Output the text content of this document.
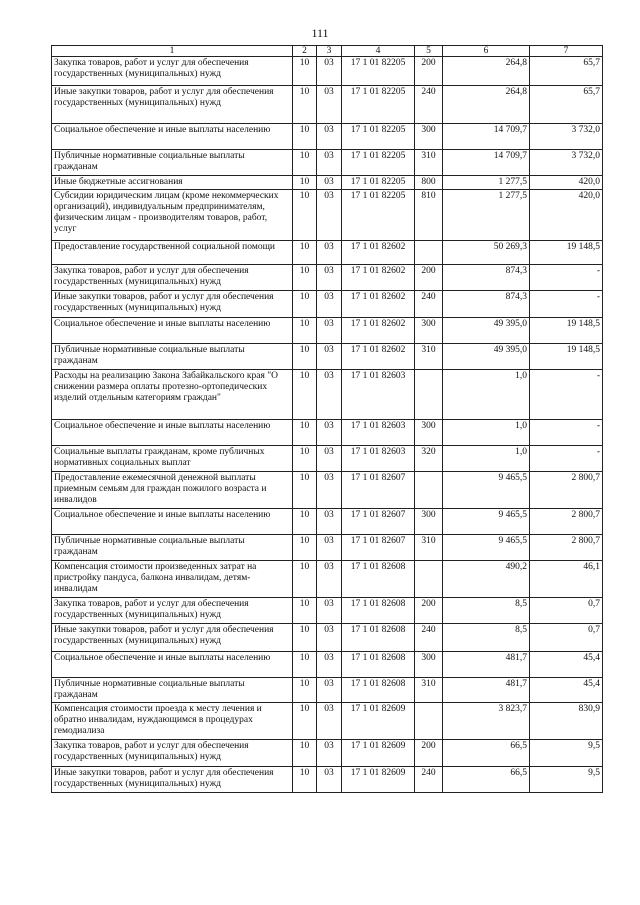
111
1	2	3	4	5	6	7
Закупка товаров, работ и услуг для обеспечения государственных (муниципальных) нужд	10	03	17 1 01 82205	200	264,8	65,7
Иные закупки товаров, работ и услуг для обеспечения государственных (муниципальных) нужд	10	03	17 1 01 82205	240	264,8	65,7
Социальное обеспечение и иные выплаты населению	10	03	17 1 01 82205	300	14 709,7	3 732,0
Публичные нормативные социальные выплаты гражданам	10	03	17 1 01 82205	310	14 709,7	3 732,0
Иные бюджетные ассигнования	10	03	17 1 01 82205	800	1 277,5	420,0
Субсидии юридическим лицам (кроме некоммерческих организаций), индивидуальным предпринимателям, физическим лицам - производителям товаров, работ, услуг	10	03	17 1 01 82205	810	1 277,5	420,0
Предоставление государственной социальной помощи	10	03	17 1 01 82602		50 269,3	19 148,5
Закупка товаров, работ и услуг для обеспечения государственных (муниципальных) нужд	10	03	17 1 01 82602	200	874,3	-
Иные закупки товаров, работ и услуг для обеспечения государственных (муниципальных) нужд	10	03	17 1 01 82602	240	874,3	-
Социальное обеспечение и иные выплаты населению	10	03	17 1 01 82602	300	49 395,0	19 148,5
Публичные нормативные социальные выплаты гражданам	10	03	17 1 01 82602	310	49 395,0	19 148,5
Расходы на реализацию Закона Забайкальского края "О снижении размера оплаты протезно-ортопедических изделий отдельным категориям граждан"	10	03	17 1 01 82603		1,0	-
Социальное обеспечение и иные выплаты населению	10	03	17 1 01 82603	300	1,0	-
Социальные выплаты гражданам, кроме публичных нормативных социальных выплат	10	03	17 1 01 82603	320	1,0	-
Предоставление ежемесячной денежной выплаты приемным семьям для граждан пожилого возраста и инвалидов	10	03	17 1 01 82607		9 465,5	2 800,7
Социальное обеспечение и иные выплаты населению	10	03	17 1 01 82607	300	9 465,5	2 800,7
Публичные нормативные социальные выплаты гражданам	10	03	17 1 01 82607	310	9 465,5	2 800,7
Компенсация стоимости произведенных затрат на пристройку пандуса, балкона инвалидам, детям-инвалидам	10	03	17 1 01 82608		490,2	46,1
Закупка товаров, работ и услуг для обеспечения государственных (муниципальных) нужд	10	03	17 1 01 82608	200	8,5	0,7
Иные закупки товаров, работ и услуг для обеспечения государственных (муниципальных) нужд	10	03	17 1 01 82608	240	8,5	0,7
Социальное обеспечение и иные выплаты населению	10	03	17 1 01 82608	300	481,7	45,4
Публичные нормативные социальные выплаты гражданам	10	03	17 1 01 82608	310	481,7	45,4
Компенсация стоимости проезда к месту лечения и обратно инвалидам, нуждающимся в процедурах гемодиализа	10	03	17 1 01 82609		3 823,7	830,9
Закупка товаров, работ и услуг для обеспечения государственных (муниципальных) нужд	10	03	17 1 01 82609	200	66,5	9,5
Иные закупки товаров, работ и услуг для обеспечения государственных (муниципальных) нужд	10	03	17 1 01 82609	240	66,5	9,5
